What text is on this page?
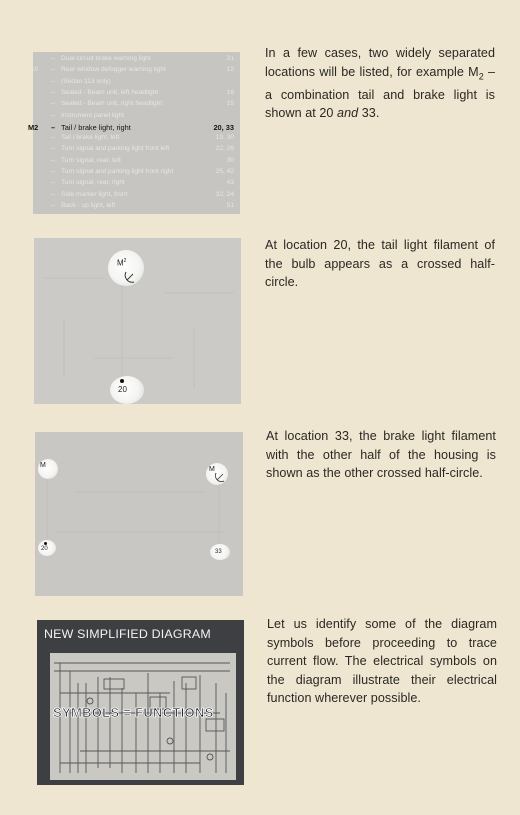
– Dual circuit brake warning light	31
10 – Rear window defogger warning light	12
– (Sedan 113 only)
– Sealed - Beam unit, left headlight	16
– Sealed - Beam unit, right headlight	15
– Instrument panel light
M2 – Tail / brake light, right	20, 33
– Tail / brake light, left	19, 30
– Turn signal and parking light front left	22, 26
– Turn signal, rear, left	30
– Turn signal and parking light front right	25, 42
– Turn signal, rear, right	43
– Side marker light, front	32, 24
– Back - up light, left	51
$M^2$
20
M
M
20	33
NEW SIMPLIFIED DIAGRAM
SYMBOLS = FUNCTIONS
In a few cases, two widely separated locations will be listed, for example $M_2$ – a combination tail and brake light is shown at 20 and 33.
At location 20, the tail light filament of the bulb appears as a crossed half-circle.
At location 33, the brake light filament with the other half of the housing is shown as the other crossed half-circle.
Let us identify some of the diagram symbols before proceeding to trace current flow. The electrical symbols on the diagram illustrate their electrical function wherever possible.
